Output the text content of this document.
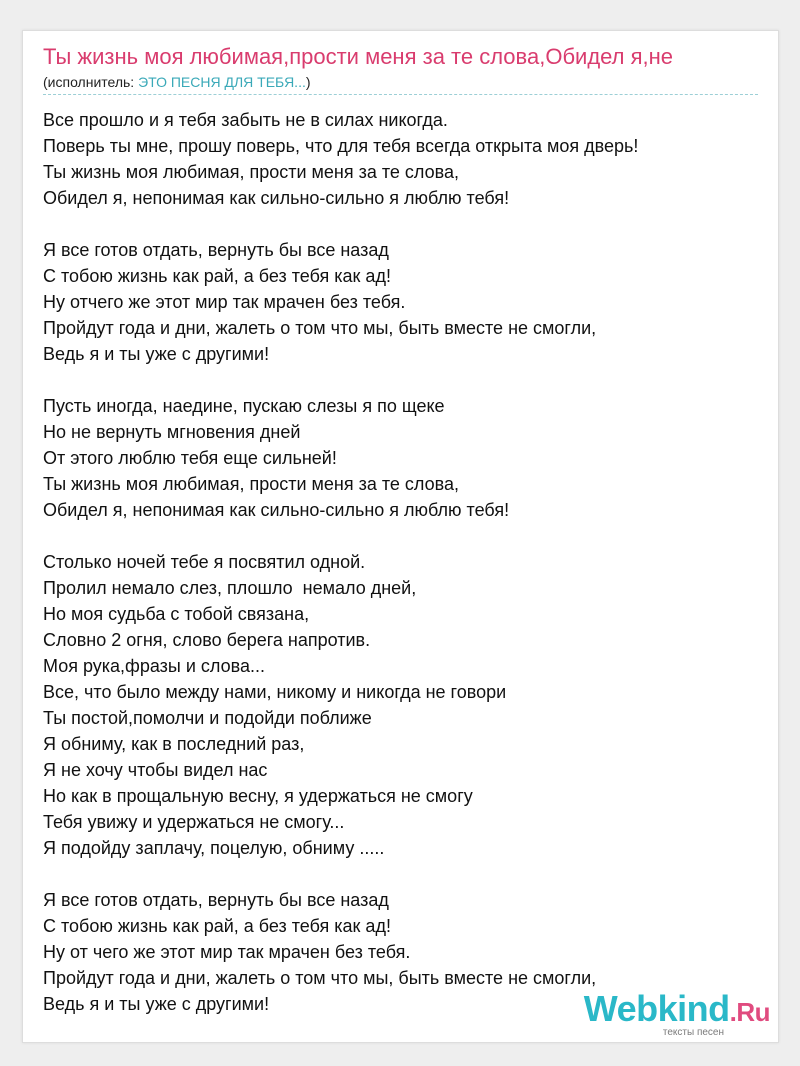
Ты жизнь моя любимая,прости меня за те слова,Обидел я,не
(исполнитель: ЭТО ПЕСНЯ ДЛЯ ТЕБЯ...)
Все прошло и я тебя забыть не в силах никогда.
Поверь ты мне, прошу поверь, что для тебя всегда открыта моя дверь!
Ты жизнь моя любимая, прости меня за те слова,
Обидел я, непонимая как сильно-сильно я люблю тебя!
Я все готов отдать, вернуть бы все назад
С тобою жизнь как рай, а без тебя как ад!
Ну отчего же этот мир так мрачен без тебя.
Пройдут года и дни, жалеть о том что мы, быть вместе не смогли,
Ведь я и ты уже с другими!
Пусть иногда, наедине, пускаю слезы я по щеке
Но не вернуть мгновения дней
От этого люблю тебя еще сильней!
Ты жизнь моя любимая, прости меня за те слова,
Обидел я, непонимая как сильно-сильно я люблю тебя!
Столько ночей тебе я посвятил одной.
Пролил немало слез, плошло  немало дней,
Но моя судьба с тобой связана,
Словно 2 огня, слово берега напротив.
Моя рука,фразы и слова...
Все, что было между нами, никому и никогда не говори
Ты постой,помолчи и подойди поближе
Я обниму, как в последний раз,
Я не хочу чтобы видел нас
Но как в прощальную весну, я удержаться не смогу
Тебя увижу и удержаться не смогу...
Я подойду заплачу, поцелую, обниму .....
Я все готов отдать, вернуть бы все назад
С тобою жизнь как рай, а без тебя как ад!
Ну от чего же этот мир так мрачен без тебя.
Пройдут года и дни, жалеть о том что мы, быть вместе не смогли,
Ведь я и ты уже с другими!	Webkind.Ru
тексты песен
